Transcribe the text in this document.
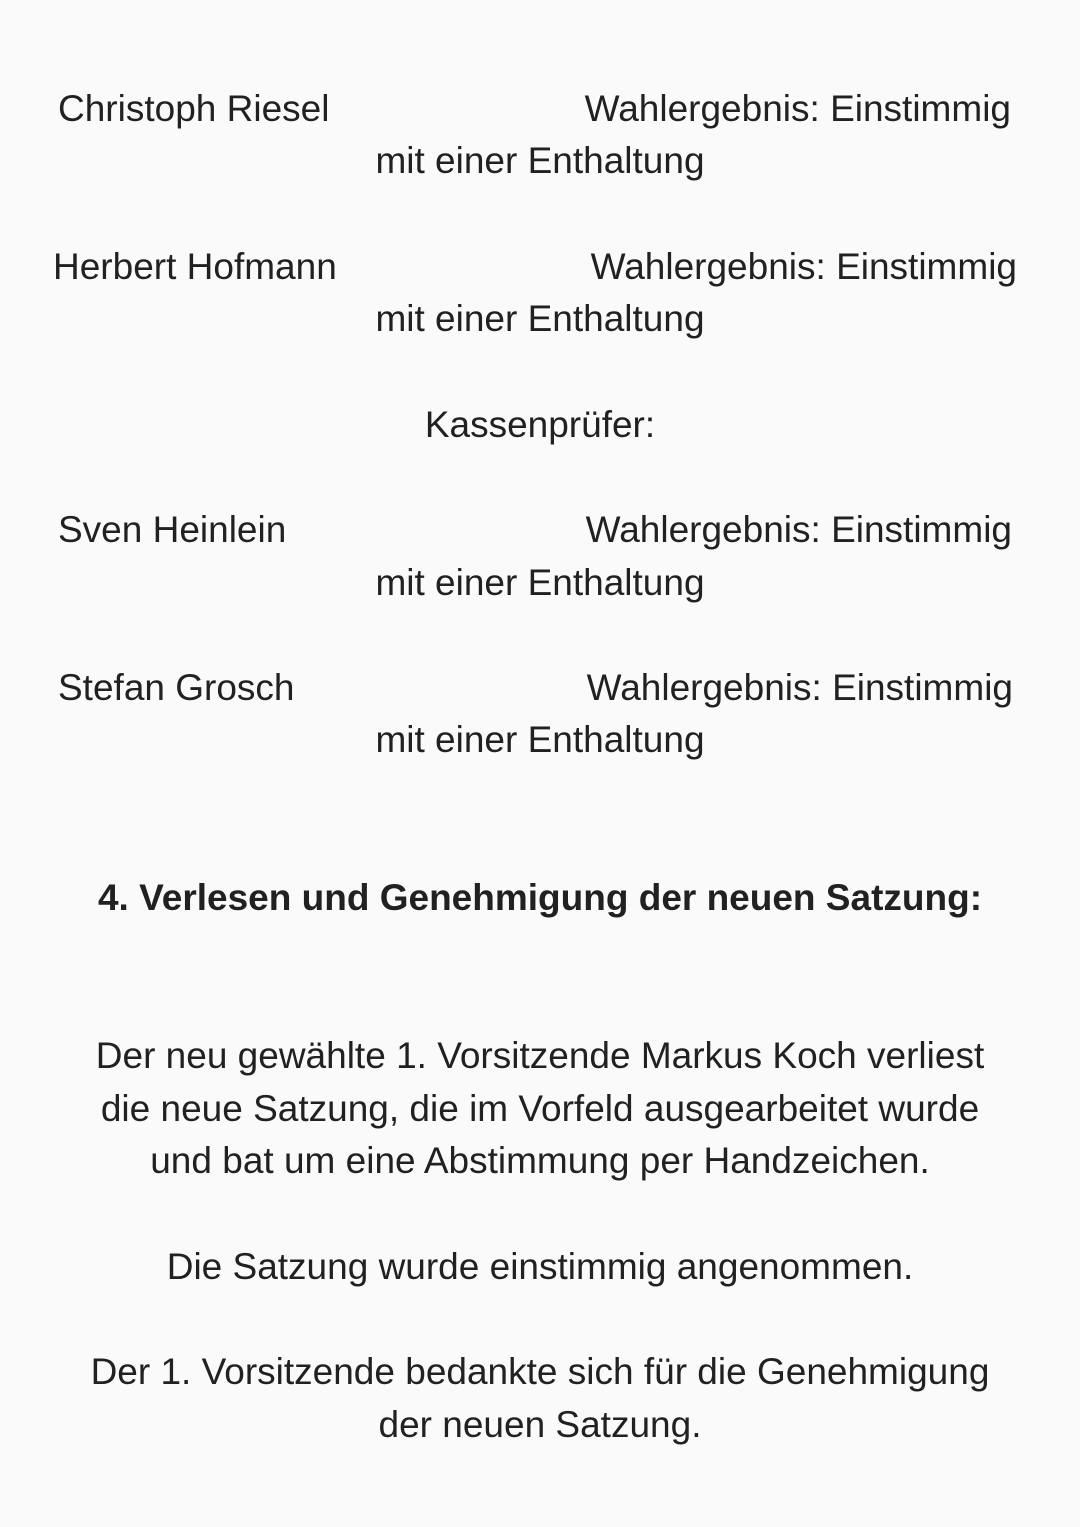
Christoph Riesel	Wahlergebnis: Einstimmig
mit einer Enthaltung
Herbert Hofmann	Wahlergebnis: Einstimmig
mit einer Enthaltung
Kassenprüfer:
Sven Heinlein	Wahlergebnis: Einstimmig
mit einer Enthaltung
Stefan Grosch	Wahlergebnis: Einstimmig
mit einer Enthaltung
4. Verlesen und Genehmigung der neuen Satzung:
Der neu gewählte 1. Vorsitzende Markus Koch verliest
die neue Satzung, die im Vorfeld ausgearbeitet wurde
und bat um eine Abstimmung per Handzeichen.
Die Satzung wurde einstimmig angenommen.
Der 1. Vorsitzende bedankte sich für die Genehmigung
der neuen Satzung.
